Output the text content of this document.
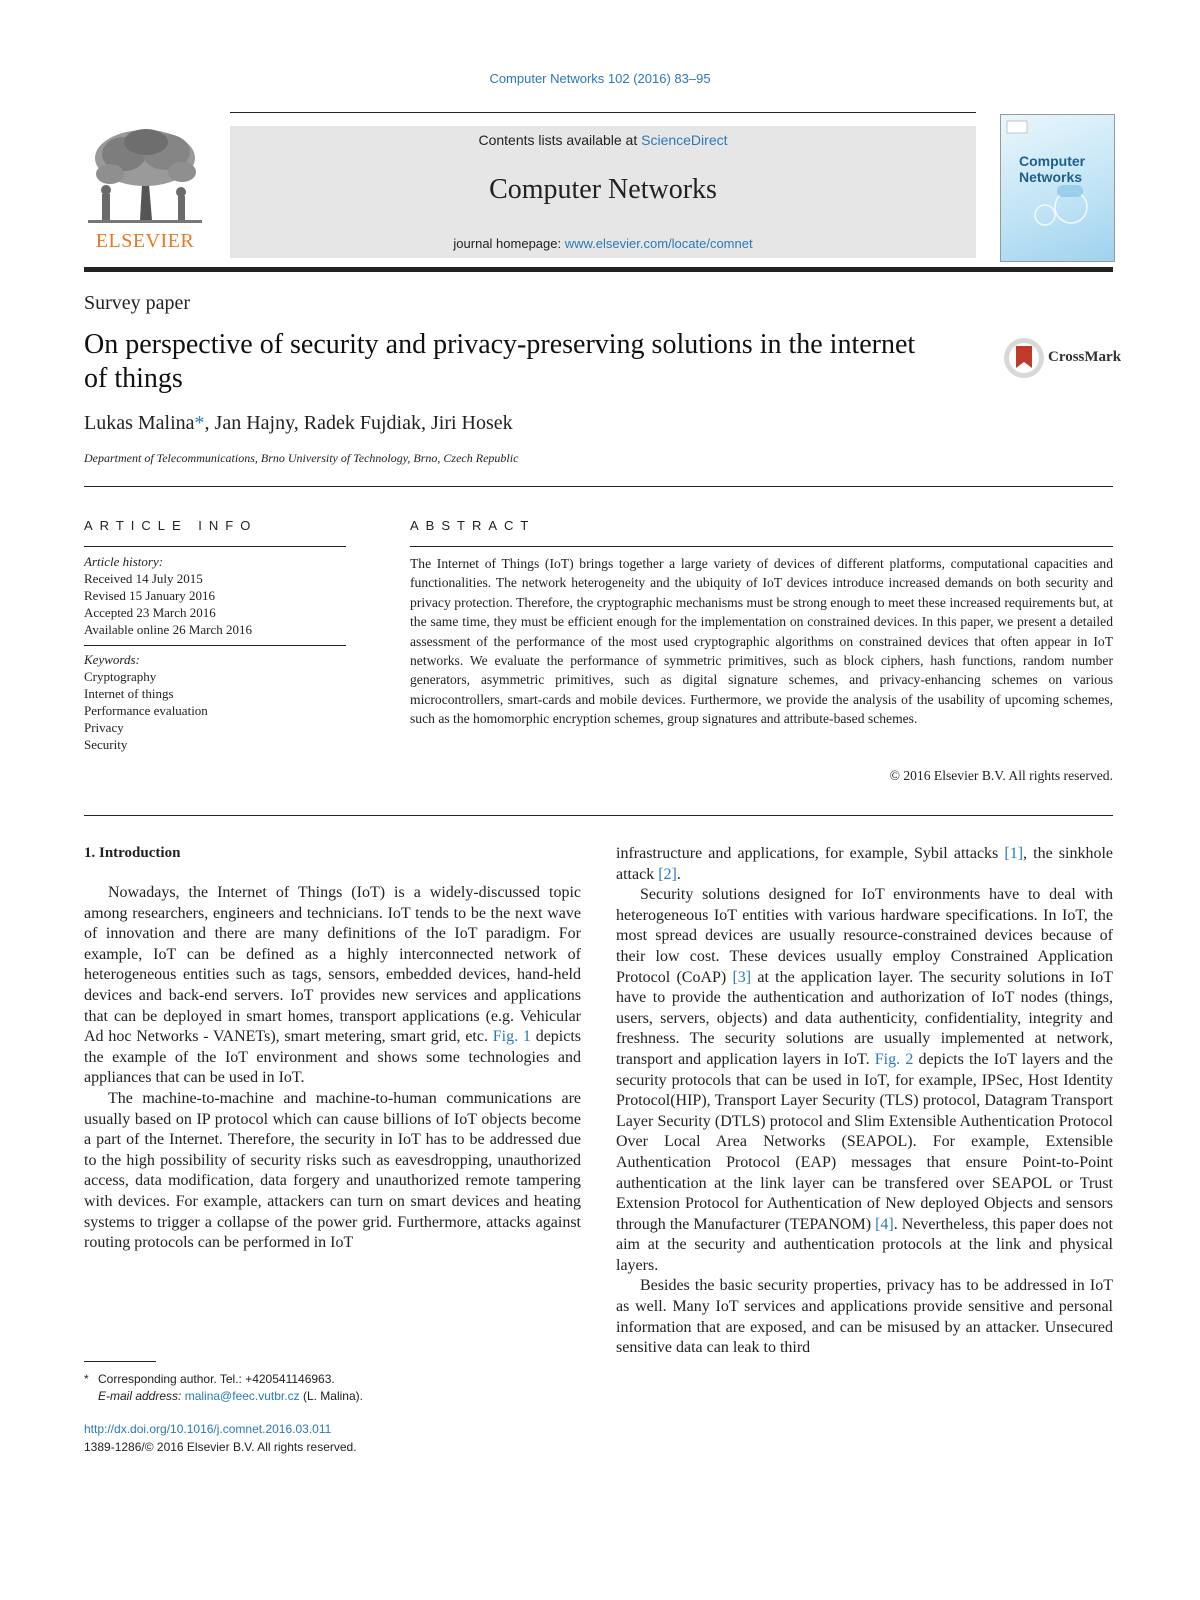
Computer Networks 102 (2016) 83–95
ELSEVIER
Contents lists available at ScienceDirect
Computer Networks
journal homepage: www.elsevier.com/locate/comnet
Computer
Networks
Survey paper
On perspective of security and privacy-preserving solutions in the internet of things
CrossMark
Lukas Malina*, Jan Hajny, Radek Fujdiak, Jiri Hosek
Department of Telecommunications, Brno University of Technology, Brno, Czech Republic
ARTICLE INFO
Article history:
Received 14 July 2015
Revised 15 January 2016
Accepted 23 March 2016
Available online 26 March 2016
Keywords:
Cryptography
Internet of things
Performance evaluation
Privacy
Security
ABSTRACT
The Internet of Things (IoT) brings together a large variety of devices of different platforms, computational capacities and functionalities. The network heterogeneity and the ubiquity of IoT devices introduce increased demands on both security and privacy protection. Therefore, the cryptographic mechanisms must be strong enough to meet these increased requirements but, at the same time, they must be efficient enough for the implementation on constrained devices. In this paper, we present a detailed assessment of the performance of the most used cryptographic algorithms on constrained devices that often appear in IoT networks. We evaluate the performance of symmetric primitives, such as block ciphers, hash functions, random number generators, asymmetric primitives, such as digital signature schemes, and privacy-enhancing schemes on various microcontrollers, smart-cards and mobile devices. Furthermore, we provide the analysis of the usability of upcoming schemes, such as the homomorphic encryption schemes, group signatures and attribute-based schemes.
© 2016 Elsevier B.V. All rights reserved.
1. Introduction

Nowadays, the Internet of Things (IoT) is a widely-discussed topic among researchers, engineers and technicians. IoT tends to be the next wave of innovation and there are many definitions of the IoT paradigm. For example, IoT can be defined as a highly interconnected network of heterogeneous entities such as tags, sensors, embedded devices, hand-held devices and back-end servers. IoT provides new services and applications that can be deployed in smart homes, transport applications (e.g. Vehicular Ad hoc Networks - VANETs), smart metering, smart grid, etc. Fig. 1 depicts the example of the IoT environment and shows some technologies and appliances that can be used in IoT.

The machine-to-machine and machine-to-human communications are usually based on IP protocol which can cause billions of IoT objects become a part of the Internet. Therefore, the security in IoT has to be addressed due to the high possibility of security risks such as eavesdropping, unauthorized access, data modification, data forgery and unauthorized remote tampering with devices. For example, attackers can turn on smart devices and heating systems to trigger a collapse of the power grid. Furthermore, attacks against routing protocols can be performed in IoT

infrastructure and applications, for example, Sybil attacks [1], the sinkhole attack [2].

Security solutions designed for IoT environments have to deal with heterogeneous IoT entities with various hardware specifications. In IoT, the most spread devices are usually resource-constrained devices because of their low cost. These devices usually employ Constrained Application Protocol (CoAP) [3] at the application layer. The security solutions in IoT have to provide the authentication and authorization of IoT nodes (things, users, servers, objects) and data authenticity, confidentiality, integrity and freshness. The security solutions are usually implemented at network, transport and application layers in IoT. Fig. 2 depicts the IoT layers and the security protocols that can be used in IoT, for example, IPSec, Host Identity Protocol(HIP), Transport Layer Security (TLS) protocol, Datagram Transport Layer Security (DTLS) protocol and Slim Extensible Authentication Protocol Over Local Area Networks (SEAPOL). For example, Extensible Authentication Protocol (EAP) messages that ensure Point-to-Point authentication at the link layer can be transfered over SEAPOL or Trust Extension Protocol for Authentication of New deployed Objects and sensors through the Manufacturer (TEPANOM) [4]. Nevertheless, this paper does not aim at the security and authentication protocols at the link and physical layers.

Besides the basic security properties, privacy has to be addressed in IoT as well. Many IoT services and applications provide sensitive and personal information that are exposed, and can be misused by an attacker. Unsecured sensitive data can leak to third

* Corresponding author. Tel.: +420541146963.
E-mail address: malina@feec.vutbr.cz (L. Malina).
http://dx.doi.org/10.1016/j.comnet.2016.03.011
1389-1286/© 2016 Elsevier B.V. All rights reserved.
